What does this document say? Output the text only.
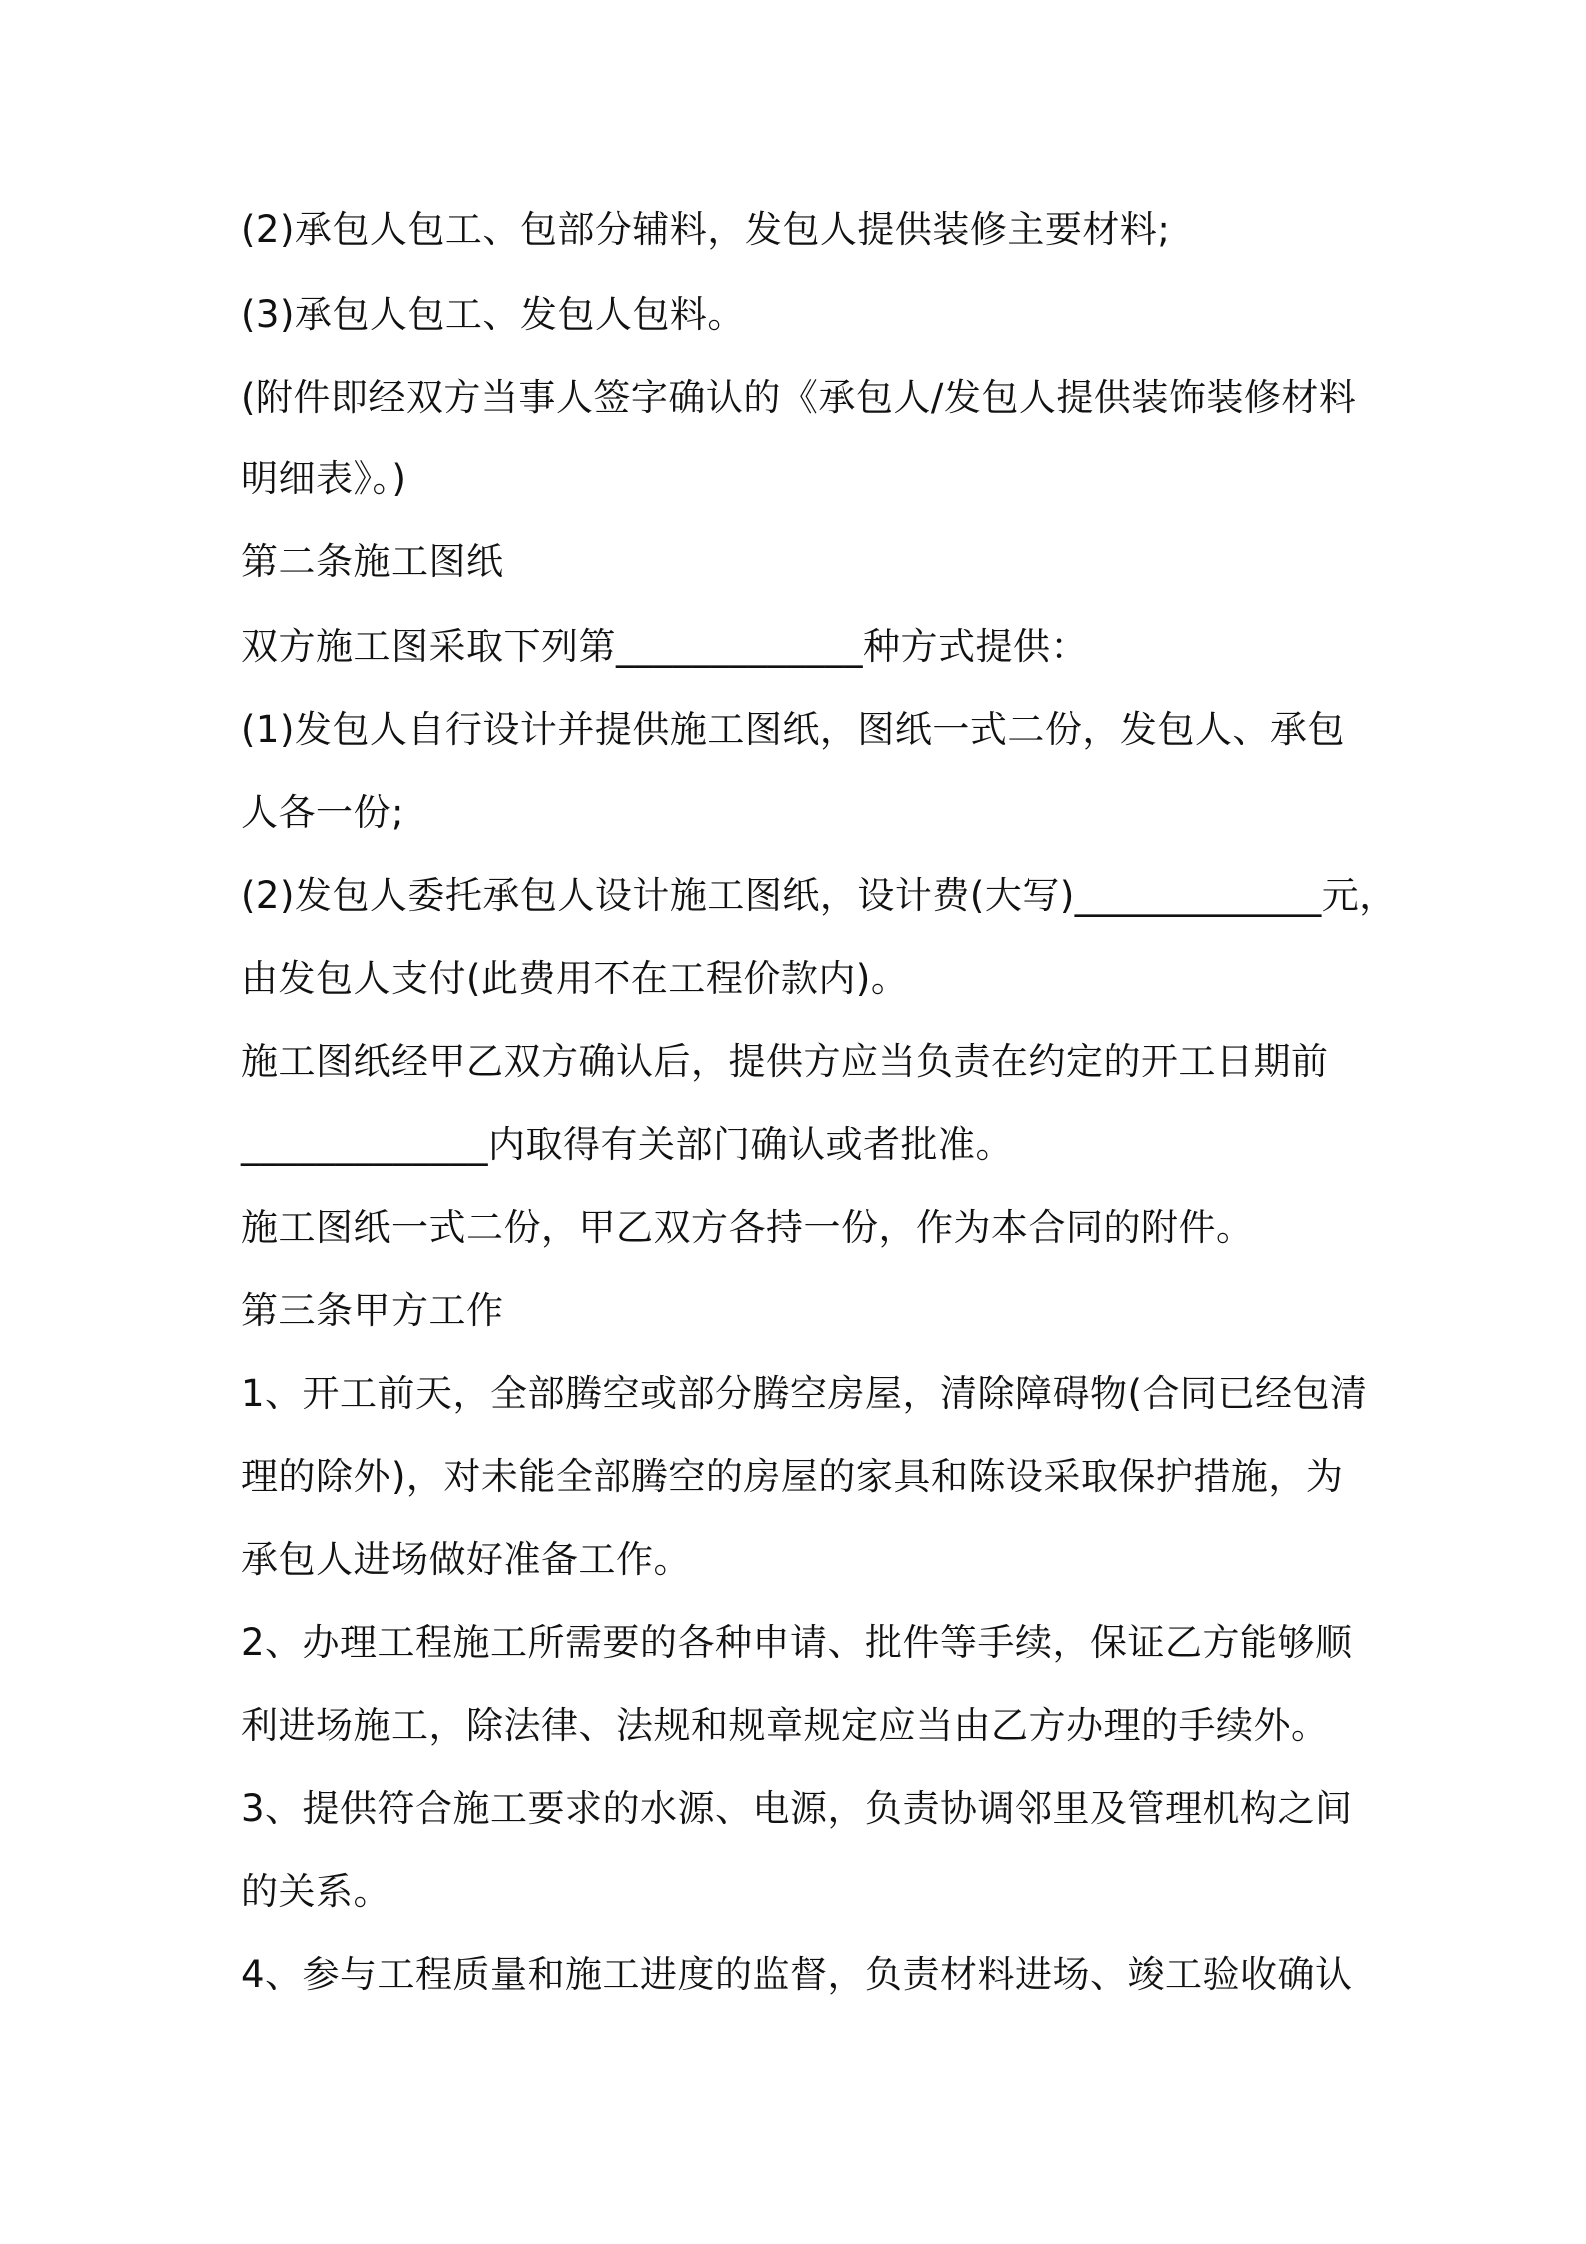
(2)承包人包工、包部分辅料，发包人提供装修主要材料;

(3)承包人包工、发包人包料。

(附件即经双方当事人签字确认的《承包人/发包人提供装饰装修材料

明细表》。)

第二条施工图纸

双方施工图采取下列第_____________种方式提供：

(1)发包人自行设计并提供施工图纸，图纸一式二份，发包人、承包

人各一份;

(2)发包人委托承包人设计施工图纸，设计费(大写)_____________元，

由发包人支付(此费用不在工程价款内)。

施工图纸经甲乙双方确认后，提供方应当负责在约定的开工日期前

_____________内取得有关部门确认或者批准。

施工图纸一式二份，甲乙双方各持一份，作为本合同的附件。

第三条甲方工作

1、开工前天，全部腾空或部分腾空房屋，清除障碍物(合同已经包清

理的除外)，对未能全部腾空的房屋的家具和陈设采取保护措施，为

承包人进场做好准备工作。

2、办理工程施工所需要的各种申请、批件等手续，保证乙方能够顺

利进场施工，除法律、法规和规章规定应当由乙方办理的手续外。

3、提供符合施工要求的水源、电源，负责协调邻里及管理机构之间

的关系。

4、参与工程质量和施工进度的监督，负责材料进场、竣工验收确认
